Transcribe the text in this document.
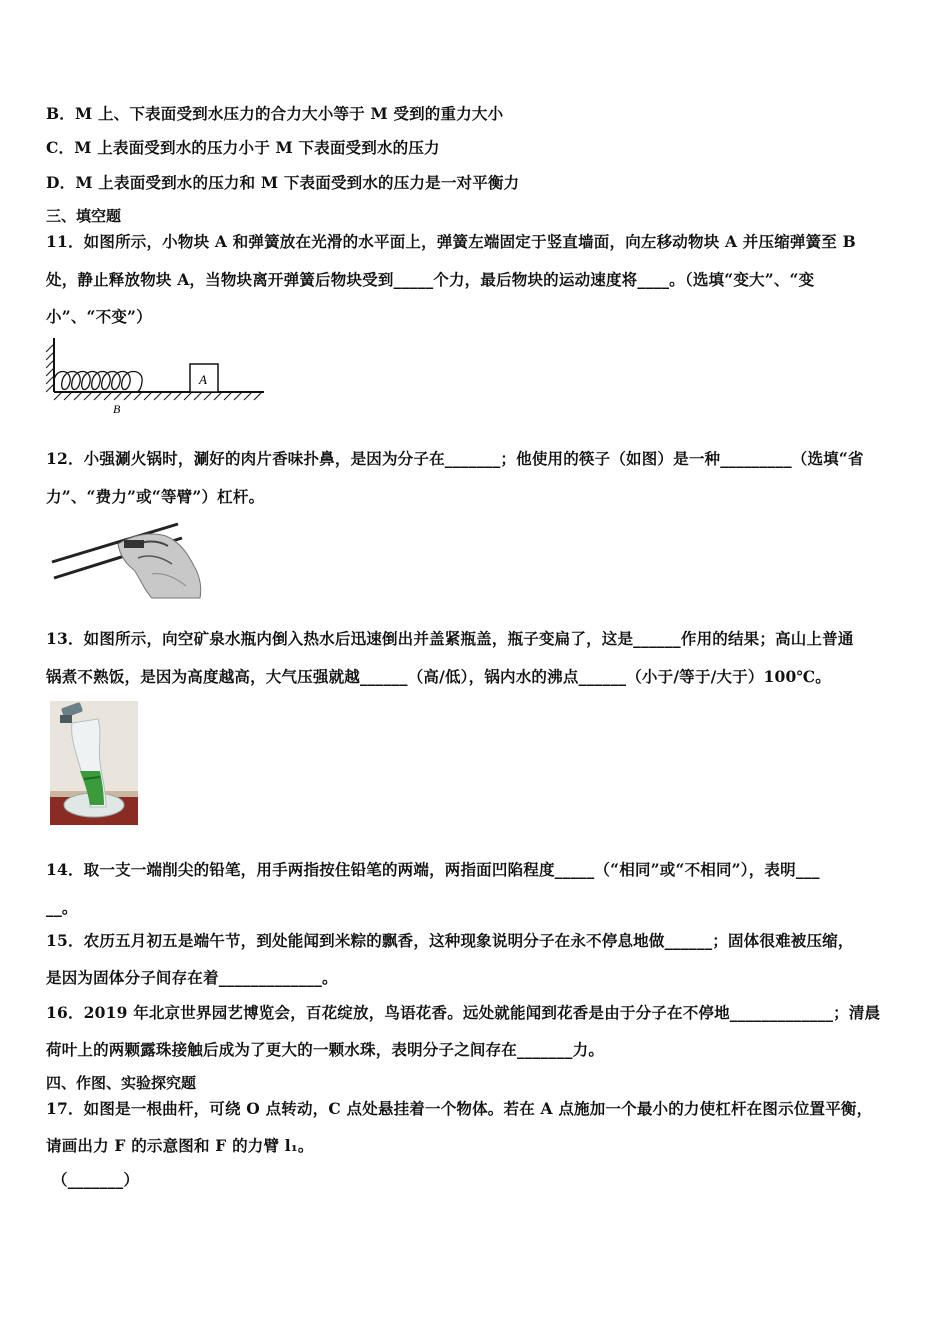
B．M 上、下表面受到水压力的合力大小等于 M 受到的重力大小
C．M 上表面受到水的压力小于 M 下表面受到水的压力
D．M 上表面受到水的压力和 M 下表面受到水的压力是一对平衡力
三、填空题
11．如图所示，小物块 A 和弹簧放在光滑的水平面上，弹簧左端固定于竖直墙面，向左移动物块 A 并压缩弹簧至 B
处，静止释放物块 A，当物块离开弹簧后物块受到_____个力，最后物块的运动速度将____。（选填“变大”、“变
小”、“不变”）
A
B
12．小强涮火锅时，涮好的肉片香味扑鼻，是因为分子在_______；他使用的筷子（如图）是一种_________（选填“省
力”、“费力”或“等臂”）杠杆。
13．如图所示，向空矿泉水瓶内倒入热水后迅速倒出并盖紧瓶盖，瓶子变扁了，这是______作用的结果；高山上普通
锅煮不熟饭，是因为高度越高，大气压强就越______（高/低），锅内水的沸点______（小于/等于/大于）100℃。
14．取一支一端削尖的铅笔，用手两指按住铅笔的两端，两指面凹陷程度_____（“相同”或“不相同”），表明___
__。
15．农历五月初五是端午节，到处能闻到米粽的飘香，这种现象说明分子在永不停息地做______；固体很难被压缩，
是因为固体分子间存在着_____________。
16．2019 年北京世界园艺博览会，百花绽放，鸟语花香。远处就能闻到花香是由于分子在不停地_____________；清晨
荷叶上的两颗露珠接触后成为了更大的一颗水珠，表明分子之间存在_______力。
四、作图、实验探究题
17．如图是一根曲杆，可绕 O 点转动，C 点处悬挂着一个物体。若在 A 点施加一个最小的力使杠杆在图示位置平衡，
请画出力 F 的示意图和 F 的力臂 l₁。
（_______）
